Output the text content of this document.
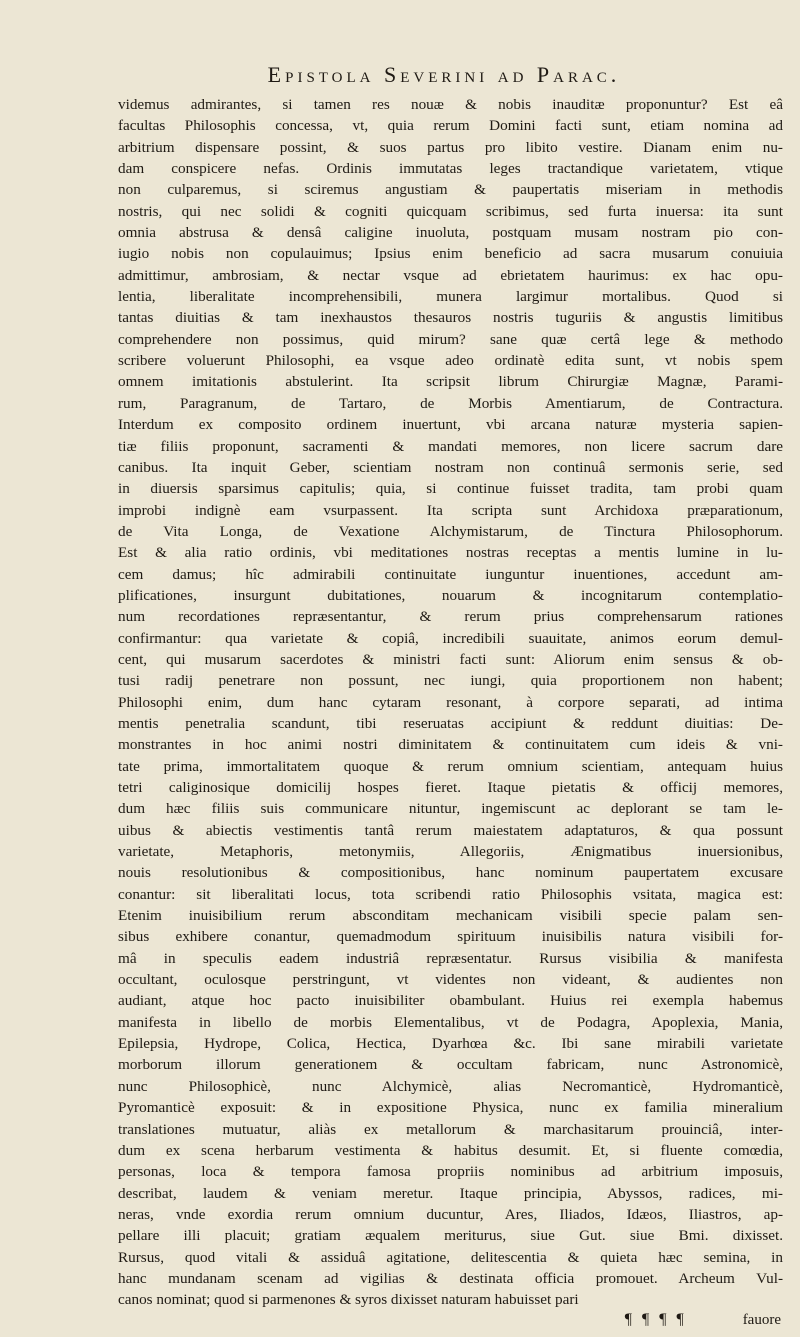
Epistola Severini ad Parac.
videmus admirantes, si tamen res nouæ & nobis inauditæ proponuntur? Est eâ
facultas Philosophis concessa, vt, quia rerum Domini facti sunt, etiam nomina ad
arbitrium dispensare possint, & suos partus pro libito vestire. Dianam enim nu-
dam conspicere nefas. Ordinis immutatas leges tractandique varietatem, vtique
non culparemus, si sciremus angustiam & paupertatis miseriam in methodis
nostris, qui nec solidi & cogniti quicquam scribimus, sed furta inuersa: ita sunt
omnia abstrusa & densâ caligine inuoluta, postquam musam nostram pio con-
iugio nobis non copulauimus; Ipsius enim beneficio ad sacra musarum conuiuia
admittimur, ambrosiam, & nectar vsque ad ebrietatem haurimus: ex hac opu-
lentia, liberalitate incomprehensibili, munera largimur mortalibus. Quod si
tantas diuitias & tam inexhaustos thesauros nostris tuguriis & angustis limitibus
comprehendere non possimus, quid mirum? sane quæ certâ lege & methodo
scribere voluerunt Philosophi, ea vsque adeo ordinatè edita sunt, vt nobis spem
omnem imitationis abstulerint. Ita scripsit librum Chirurgiæ Magnæ, Parami-
rum, Paragranum, de Tartaro, de Morbis Amentiarum, de Contractura.
Interdum ex composito ordinem inuertunt, vbi arcana naturæ mysteria sapien-
tiæ filiis proponunt, sacramenti & mandati memores, non licere sacrum dare
canibus. Ita inquit Geber, scientiam nostram non continuâ sermonis serie, sed
in diuersis sparsimus capitulis; quia, si continue fuisset tradita, tam probi quam
improbi indignè eam vsurpassent. Ita scripta sunt Archidoxa præparationum,
de Vita Longa, de Vexatione Alchymistarum, de Tinctura Philosophorum.
Est & alia ratio ordinis, vbi meditationes nostras receptas a mentis lumine in lu-
cem damus; hîc admirabili continuitate iunguntur inuentiones, accedunt am-
plificationes, insurgunt dubitationes, nouarum & incognitarum contemplatio-
num recordationes repræsentantur, & rerum prius comprehensarum rationes
confirmantur: qua varietate & copiâ, incredibili suauitate, animos eorum demul-
cent, qui musarum sacerdotes & ministri facti sunt: Aliorum enim sensus & ob-
tusi radij penetrare non possunt, nec iungi, quia proportionem non habent;
Philosophi enim, dum hanc cytaram resonant, à corpore separati, ad intima
mentis penetralia scandunt, tibi reseruatas accipiunt & reddunt diuitias: De-
monstrantes in hoc animi nostri diminitatem & continuitatem cum ideis & vni-
tate prima, immortalitatem quoque & rerum omnium scientiam, antequam huius
tetri caliginosique domicilij hospes fieret. Itaque pietatis & officij memores,
dum hæc filiis suis communicare nituntur, ingemiscunt ac deplorant se tam le-
uibus & abiectis vestimentis tantâ rerum maiestatem adaptaturos, & qua possunt
varietate, Metaphoris, metonymiis, Allegoriis, Ænigmatibus inuersionibus,
nouis resolutionibus & compositionibus, hanc nominum paupertatem excusare
conantur: sit liberalitati locus, tota scribendi ratio Philosophis vsitata, magica est:
Etenim inuisibilium rerum absconditam mechanicam visibili specie palam sen-
sibus exhibere conantur, quemadmodum spirituum inuisibilis natura visibili for-
mâ in speculis eadem industriâ repræsentatur. Rursus visibilia & manifesta
occultant, oculosque perstringunt, vt videntes non videant, & audientes non
audiant, atque hoc pacto inuisibiliter obambulant. Huius rei exempla habemus
manifesta in libello de morbis Elementalibus, vt de Podagra, Apoplexia, Mania,
Epilepsia, Hydrope, Colica, Hectica, Dyarhœa &c. Ibi sane mirabili varietate
morborum illorum generationem & occultam fabricam, nunc Astronomicè,
nunc Philosophicè, nunc Alchymicè, alias Necromanticè, Hydromanticè,
Pyromanticè exposuit: & in expositione Physica, nunc ex familia mineralium
translationes mutuatur, aliàs ex metallorum & marchasitarum prouinciâ, inter-
dum ex scena herbarum vestimenta & habitus desumit. Et, si fluente comœdia,
personas, loca & tempora famosa propriis nominibus ad arbitrium imposuis,
describat, laudem & veniam meretur. Itaque principia, Abyssos, radices, mi-
neras, vnde exordia rerum omnium ducuntur, Ares, Iliados, Idæos, Iliastros, ap-
pellare illi placuit; gratiam æqualem meriturus, siue Gut. siue Bmi. dixisset.
Rursus, quod vitali & assiduâ agitatione, delitescentia & quieta hæc semina, in
hanc mundanam scenam ad vigilias & destinata officia promouet. Archeum Vul-
canos nominat; quod si parmenones & syros dixisset naturam habuisset pari
¶ ¶ ¶ ¶	fauore
